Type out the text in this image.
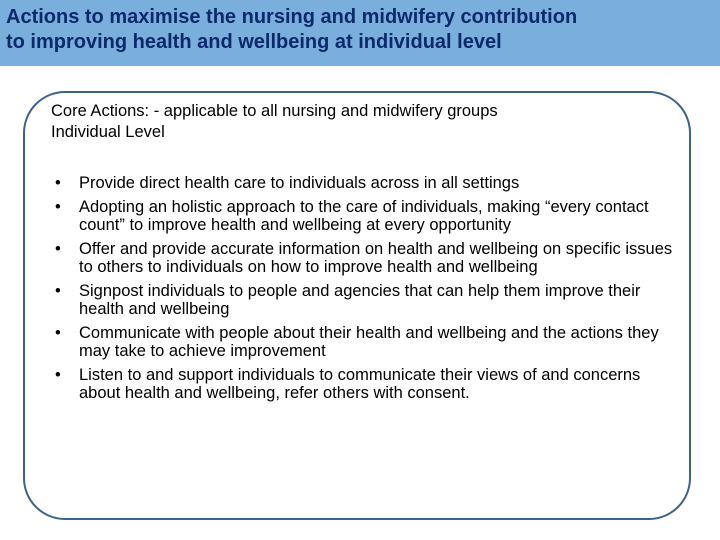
Actions to maximise the nursing and midwifery contribution
to improving health and wellbeing at individual level
Core Actions: - applicable to all nursing and midwifery groups
Individual Level
• Provide direct health care to individuals across in all settings
• Adopting an holistic approach to the care of individuals, making “every contact count” to improve health and wellbeing at every opportunity
• Offer and provide accurate information on health and wellbeing on specific issues to others to individuals on how to improve health and wellbeing
• Signpost individuals to people and agencies that can help them improve their health and wellbeing
• Communicate with people about their health and wellbeing and the actions they may take to achieve improvement
• Listen to and support individuals to communicate their views of and concerns about health and wellbeing, refer others with consent.
